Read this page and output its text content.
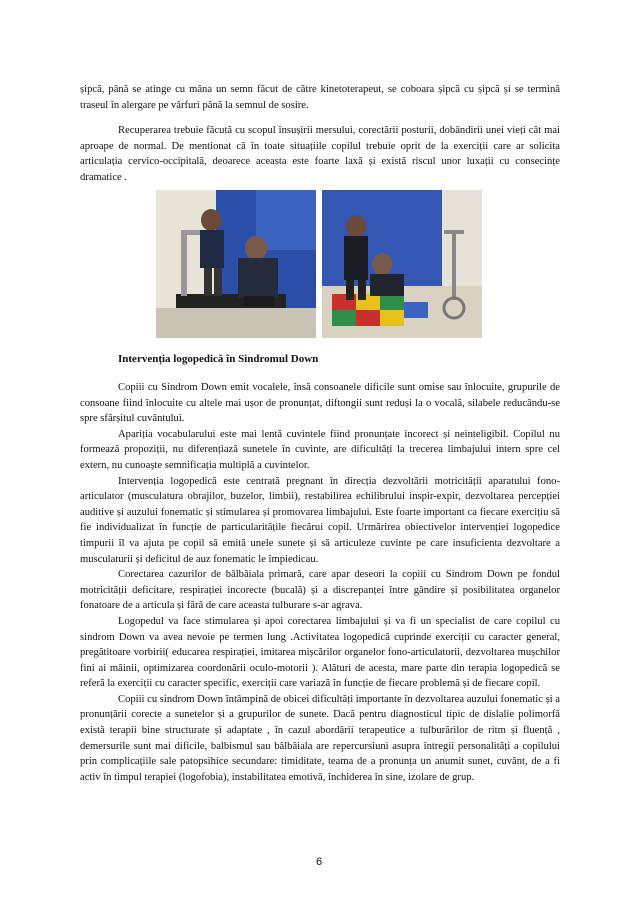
șipcă, până se atinge cu mâna un semn făcut de către kinetoterapeut, se coboara șipcă cu șipcă și se termină traseul în alergare pe vârfuri până la semnul de sosire.

Recuperarea trebuie făcută cu scopul însușirii mersului, corectării posturii, dobândirii unei vieți cât mai aproape de normal. De mentionat că în toate situațiile copilul trebuie oprit de la exerciții care ar solicita articulația cervico-occipitală, deoarece aceasta este foarte laxă și există riscul unor luxații cu consecințe dramatice .

Intervenția logopedică în Sindromul Down

Copiii cu Sindrom Down emit vocalele, însă consoanele dificile sunt omise sau înlocuite, grupurile de consoane fiind înlocuite cu altele mai ușor de pronunțat, diftongii sunt reduși la o vocală, silabele reducându-se spre sfârșitul cuvântului.

Apariția vocabularului este mai lentă cuvintele fiind pronunțate incorect și neinteligibil. Copilul nu formează propoziții, nu diferențiază sunetele în cuvinte, are dificultăți la trecerea limbajului intern spre cel extern, nu cunoaște semnificația multiplă a cuvintelor.

Intervenția logopedică este centrată pregnant în direcția dezvoltării motricității aparatului fono-articulator (musculatura obrajilor, buzelor, limbii), restabilirea echilibrului inspir-expir, dezvoltarea percepției auditive și auzului fonematic și stimularea și promovarea limbajului. Este foarte important ca fiecare exercițiu să fie individualizat în funcție de particularitățile fiecărui copil. Urmărirea obiectivelor intervenției logopedice timpurii îl va ajuta pe copil să emită unele sunete și să articuleze cuvinte pe care insuficienta dezvoltare a musculaturii și deficitul de auz fonematic le împiedicau.

Corectarea cazurilor de bâlbâiala primară, care apar deseori la copiii cu Sindrom Down pe fondul motricității deficitare, respirației incorecte (bucală) și a discrepanței între gândire și posibilitatea organelor fonatoare de a articula și fără de care aceasta tulburare s-ar agrava.

Logopedul va face stimularea și apoi corectarea limbajului și va fi un specialist de care copilul cu sindrom Down va avea nevoie pe termen lung .Activitatea logopedică cuprinde exerciții cu caracter general, pregătitoare vorbirii( educarea respirației, imitarea mișcărilor organelor fono-articulatorii, dezvoltarea mușchilor fini ai mâinii, optimizarea coordonării oculo-motorii ). Alături de acesta, mare parte din terapia logopedică se referă la exerciții cu caracter specific, exerciții care variază în funcție de fiecare problemă și de fiecare copil.

Copiii cu sindrom Down întâmpină de obicei dificultăți importante în dezvoltarea auzului fonematic și a pronunțării corecte a sunetelor și a grupurilor de sunete. Dacă pentru diagnosticul tipic de dislalie polimorfă există terapii bine structurate și adaptate , în cazul abordării terapeutice a tulburărilor de ritm și fluență , demersurile sunt mai dificile, balbismul sau bâlbâiala are repercursiuni asupra întregii personalități a copilului prin complicațiile sale patopsihice secundare: timiditate, teama de a pronunța un anumit sunet, cuvânt, de a fi activ în timpul terapiei (logofobia), instabilitatea emotivă, închiderea în sine, izolare de grup.

6
